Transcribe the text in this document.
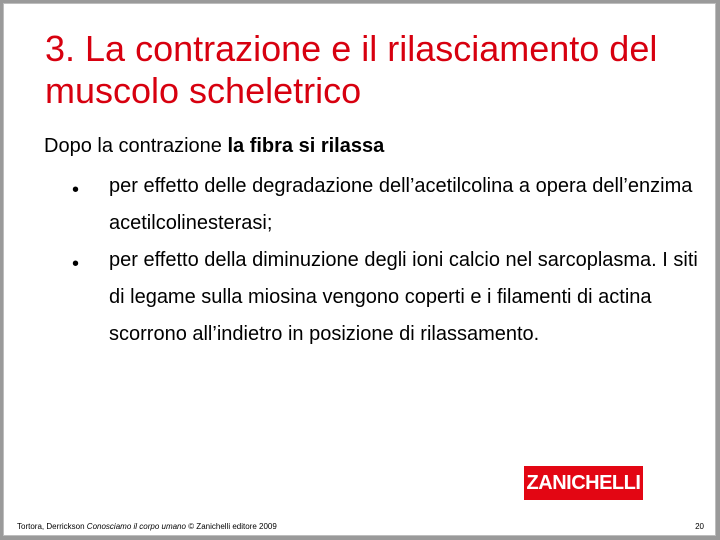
3. La contrazione e il rilasciamento del muscolo scheletrico
Dopo la contrazione la fibra si rilassa
• per effetto delle degradazione dell’acetilcolina a opera dell’enzima acetilcolinesterasi;
• per effetto della diminuzione degli ioni calcio nel sarcoplasma. I siti di legame sulla miosina vengono coperti e i filamenti di actina scorrono all’indietro in posizione di rilassamento.
ZANICHELLI
Tortora, Derrickson Conosciamo il corpo umano © Zanichelli editore 2009	20
